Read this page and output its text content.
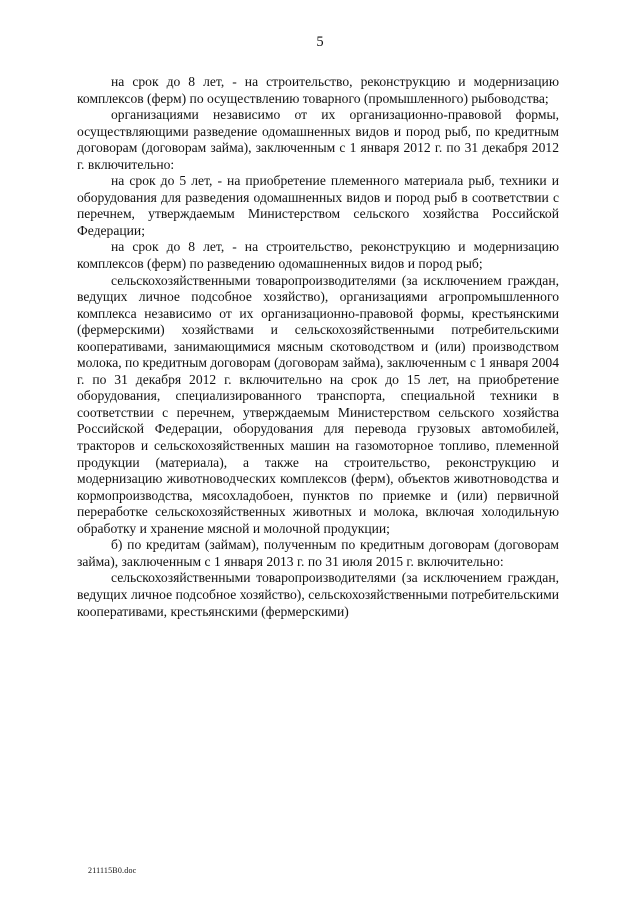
5

на срок до 8 лет, - на строительство, реконструкцию и модернизацию комплексов (ферм) по осуществлению товарного (промышленного) рыбоводства;

организациями независимо от их организационно-правовой формы, осуществляющими разведение одомашненных видов и пород рыб, по кредитным договорам (договорам займа), заключенным с 1 января 2012 г. по 31 декабря 2012 г. включительно:

на срок до 5 лет, - на приобретение племенного материала рыб, техники и оборудования для разведения одомашненных видов и пород рыб в соответствии с перечнем, утверждаемым Министерством сельского хозяйства Российской Федерации;

на срок до 8 лет, - на строительство, реконструкцию и модернизацию комплексов (ферм) по разведению одомашненных видов и пород рыб;

сельскохозяйственными товаропроизводителями (за исключением граждан, ведущих личное подсобное хозяйство), организациями агропромышленного комплекса независимо от их организационно-правовой формы, крестьянскими (фермерскими) хозяйствами и сельскохозяйственными потребительскими кооперативами, занимающимися мясным скотоводством и (или) производством молока, по кредитным договорам (договорам займа), заключенным с 1 января 2004 г. по 31 декабря 2012 г. включительно на срок до 15 лет, на приобретение оборудования, специализированного транспорта, специальной техники в соответствии с перечнем, утверждаемым Министерством сельского хозяйства Российской Федерации, оборудования для перевода грузовых автомобилей, тракторов и сельскохозяйственных машин на газомоторное топливо, племенной продукции (материала), а также на строительство, реконструкцию и модернизацию животноводческих комплексов (ферм), объектов животноводства и кормопроизводства, мясохладобоен, пунктов по приемке и (или) первичной переработке сельскохозяйственных животных и молока, включая холодильную обработку и хранение мясной и молочной продукции;

б) по кредитам (займам), полученным по кредитным договорам (договорам займа), заключенным с 1 января 2013 г. по 31 июля 2015 г. включительно:

сельскохозяйственными товаропроизводителями (за исключением граждан, ведущих личное подсобное хозяйство), сельскохозяйственными потребительскими кооперативами, крестьянскими (фермерскими)

211115В0.doc
